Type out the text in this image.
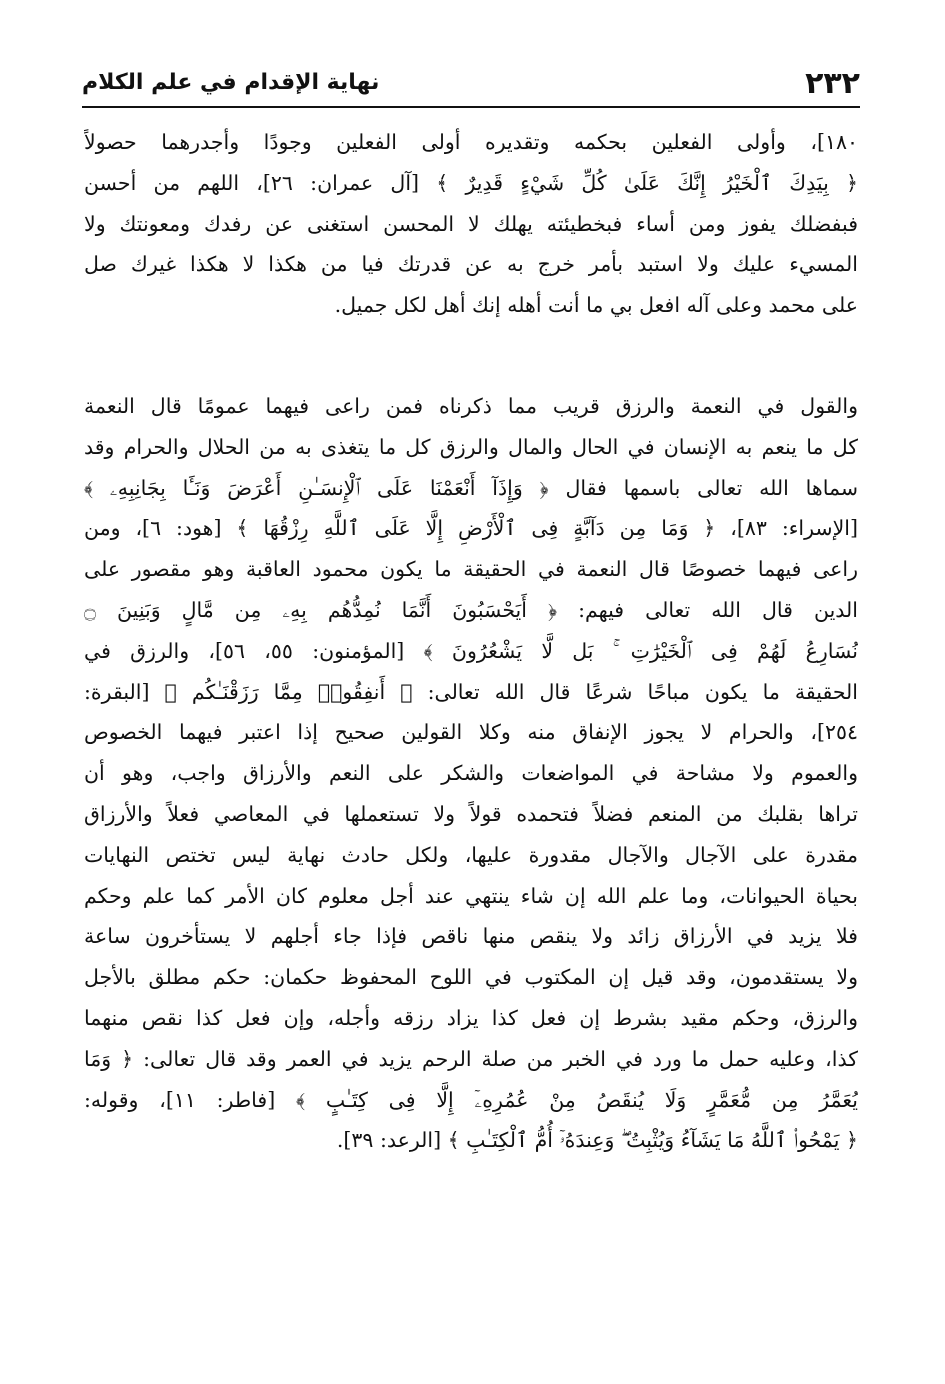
٢٣٢
نهاية الإقدام في علم الكلام
١٨٠]، وأولى الفعلين بحكمه وتقديره أولى الفعلين وجودًا وأجدرهما حصولاً
﴿ بِيَدِكَ ٱلْخَيْرُ إِنَّكَ عَلَىٰ كُلِّ شَيْءٍ قَدِيرٌ ﴾ [آل عمران: ٢٦]، اللهم من أحسن
فبفضلك يفوز ومن أساء فبخطيئته يهلك لا المحسن استغنى عن رفدك ومعونتك ولا
المسيء عليك ولا استبد بأمر خرج به عن قدرتك فيا من هكذا لا هكذا غيرك صل
على محمد وعلى آله افعل بي ما أنت أهله إنك أهل لكل جميل.
والقول في النعمة والرزق قريب مما ذكرناه فمن راعى فيهما عمومًا قال النعمة
كل ما ينعم به الإنسان في الحال والمال والرزق كل ما يتغذى به من الحلال والحرام وقد
سماها الله تعالى باسمها فقال ﴿ وَإِذَآ أَنْعَمْنَا عَلَى ٱلْإِنسَـٰنِ أَعْرَضَ وَنَـَٔا بِجَانِبِهِۦ ﴾
[الإسراء: ٨٣]، ﴿ وَمَا مِن دَآبَّةٍ فِى ٱلْأَرْضِ إِلَّا عَلَى ٱللَّهِ رِزْقُهَا ﴾ [هود: ٦]، ومن
راعى فيهما خصوصًا قال النعمة في الحقيقة ما يكون محمود العاقبة وهو مقصور على
الدين قال الله تعالى فيهم: ﴿ أَيَحْسَبُونَ أَنَّمَا نُمِدُّهُم بِهِۦ مِن مَّالٍ وَبَنِينَ ۝
نُسَارِعُ لَهُمْ فِى ٱلْخَيْرَٰتِ ۚ بَل لَّا يَشْعُرُونَ ﴾ [المؤمنون: ٥٥، ٥٦]، والرزق في
الحقيقة ما يكون مباحًا شرعًا قال الله تعالى: ﴿ أَنفِقُوا۟ مِمَّا رَزَقْنَـٰكُم ﴾ [البقرة:
٢٥٤]، والحرام لا يجوز الإنفاق منه وكلا القولين صحيح إذا اعتبر فيهما الخصوص
والعموم ولا مشاحة في المواضعات والشكر على النعم والأرزاق واجب، وهو أن
تراها بقلبك من المنعم فضلاً فتحمده قولاً ولا تستعملها في المعاصي فعلاً والأرزاق
مقدرة على الآجال والآجال مقدورة عليها، ولكل حادث نهاية ليس تختص النهايات
بحياة الحيوانات، وما علم الله إن شاء ينتهي عند أجل معلوم كان الأمر كما علم وحكم
فلا يزيد في الأرزاق زائد ولا ينقص منها ناقص فإذا جاء أجلهم لا يستأخرون ساعة
ولا يستقدمون، وقد قيل إن المكتوب في اللوح المحفوظ حكمان: حكم مطلق بالأجل
والرزق، وحكم مقيد بشرط إن فعل كذا يزاد رزقه وأجله، وإن فعل كذا نقص منهما
كذا، وعليه حمل ما ورد في الخبر من صلة الرحم يزيد في العمر وقد قال تعالى: ﴿ وَمَا
يُعَمَّرُ مِن مُّعَمَّرٍ وَلَا يُنقَصُ مِنْ عُمُرِهِۦٓ إِلَّا فِى كِتَـٰبٍ ﴾ [فاطر: ١١]، وقوله:
﴿ يَمْحُوا۟ ٱللَّهُ مَا يَشَآءُ وَيُثْبِتُ ۖ وَعِندَهُۥٓ أُمُّ ٱلْكِتَـٰبِ ﴾ [الرعد: ٣٩].
